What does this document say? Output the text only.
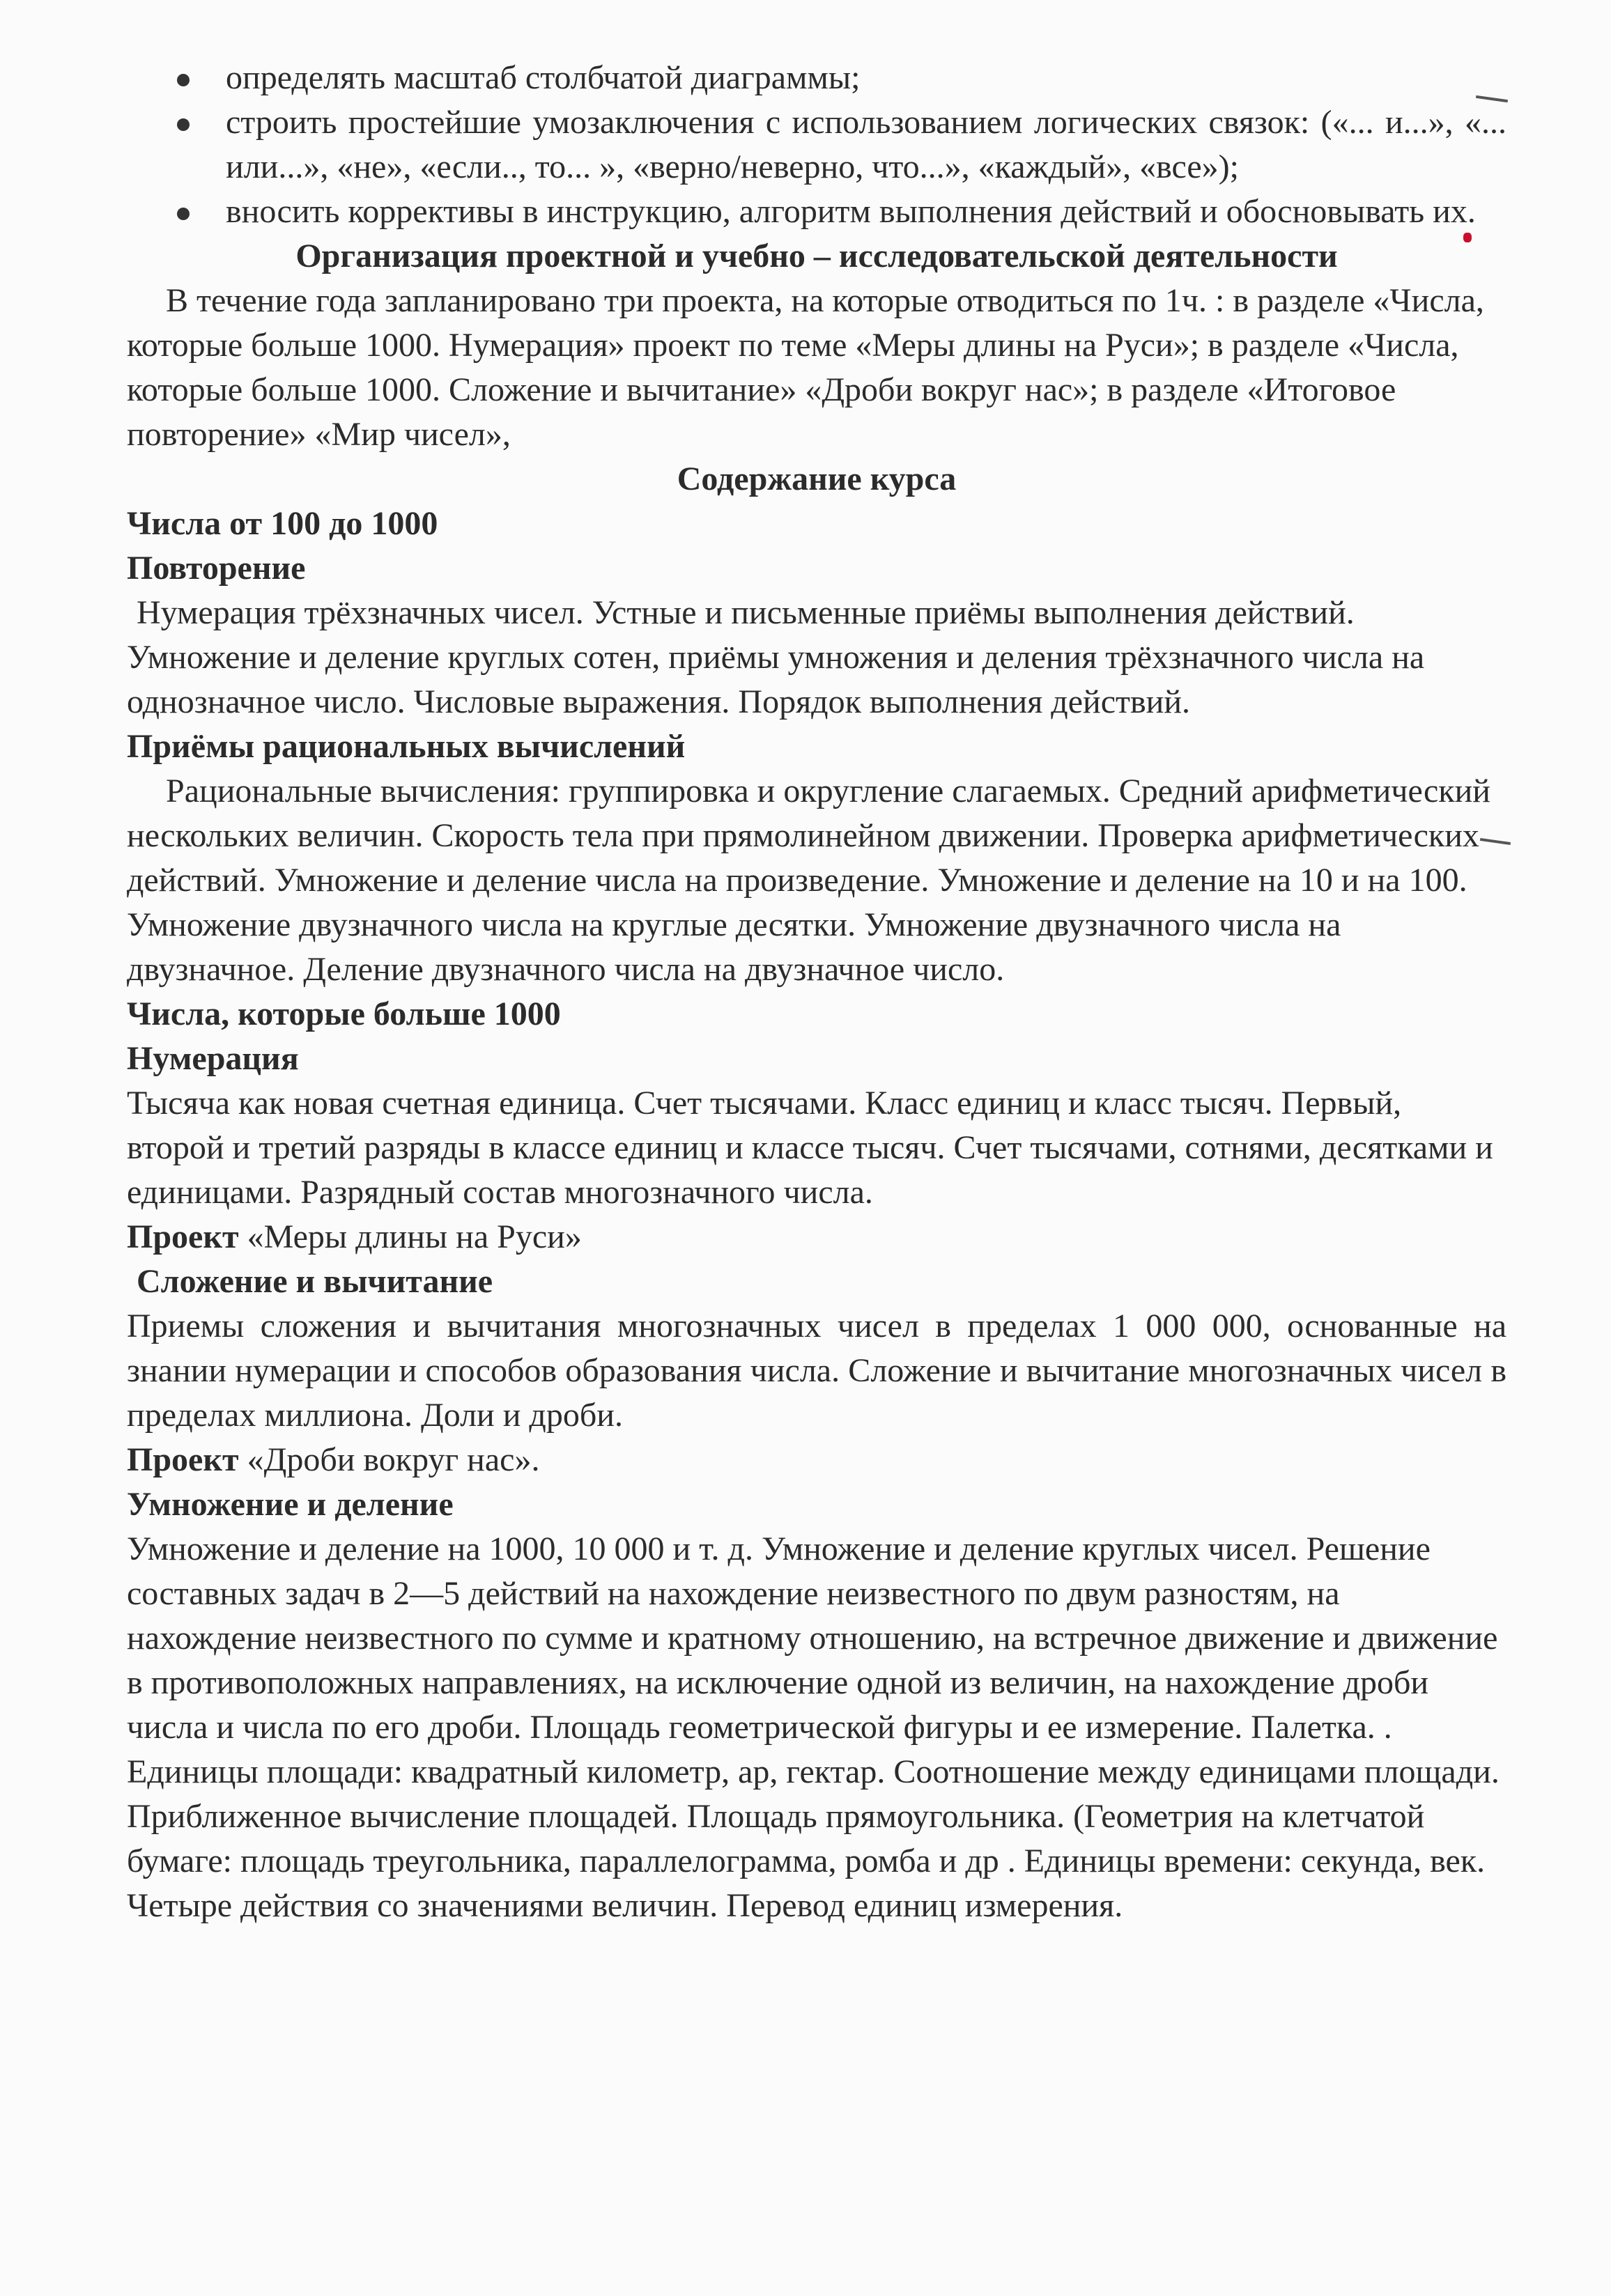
определять масштаб столбчатой диаграммы;
строить простейшие умозаключения с использованием логических связок: («... и...», «... или...», «не», «если.., то... », «верно/неверно, что...», «каждый», «все»);
вносить коррективы в инструкцию, алгоритм выполнения действий и обосновывать их.

Организация проектной и учебно – исследовательской деятельности

В течение года запланировано три проекта, на которые отводиться по 1ч. : в разделе «Числа, которые больше 1000. Нумерация» проект по теме «Меры длины на Руси»; в разделе «Числа, которые больше 1000. Сложение и вычитание» «Дроби вокруг нас»; в разделе «Итоговое повторение» «Мир чисел»,

Содержание курса

Числа от 100 до 1000

Повторение

Нумерация трёхзначных чисел. Устные и письменные приёмы выполнения действий. Умножение и деление круглых сотен, приёмы умножения и деления трёхзначного числа на однозначное число. Числовые выражения. Порядок выполнения действий.

Приёмы рациональных вычислений

Рациональные вычисления: группировка и округление слагаемых. Средний арифметический нескольких величин. Скорость тела при прямолинейном движении. Проверка арифметических действий. Умножение и деление числа на произведение. Умножение и деление на 10 и на 100. Умножение двузначного числа на круглые десятки. Умножение двузначного числа на двузначное. Деление двузначного числа на двузначное число.

Числа, которые больше 1000

Нумерация

Тысяча как новая счетная единица. Счет тысячами. Класс единиц и класс тысяч. Первый, второй и третий разряды в классе единиц и классе тысяч. Счет тысячами, сотнями, десятками и единицами. Разрядный состав многозначного числа.

Проект «Меры длины на Руси»

Сложение и вычитание

Приемы сложения и вычитания многозначных чисел в пределах 1 000 000, основанные на знании нумерации и способов образования числа. Сложение и вычитание многозначных чисел в пределах миллиона. Доли и дроби.

Проект «Дроби вокруг нас».

Умножение и деление

Умножение и деление на 1000, 10 000 и т. д. Умножение и деление круглых чисел. Решение составных задач в 2—5 действий на нахождение неизвестного по двум разностям, на нахождение неизвестного по сумме и кратному отношению, на встречное движение и движение в противоположных направлениях, на исключение одной из величин, на нахождение дроби числа и числа по его дроби. Площадь геометрической фигуры и ее измерение. Палетка. . Единицы площади: квадратный километр, ар, гектар. Соотношение между единицами площади. Приближенное вычисление площадей. Площадь прямоугольника. (Геометрия на клетчатой бумаге: площадь треугольника, параллелограмма, ромба и др . Единицы времени: секунда, век. Четыре действия со значениями величин. Перевод единиц измерения.
